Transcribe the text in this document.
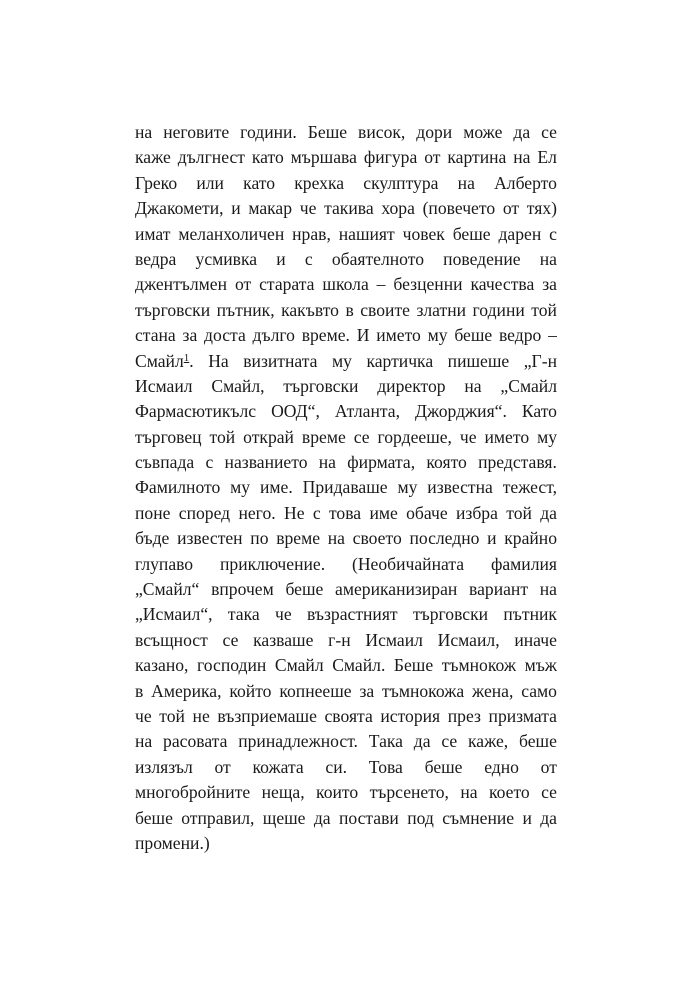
на неговите години. Беше висок, дори може да се
каже дългнест като мършава фигура от картина на Ел
Греко или като крехка скулптура на Алберто
Джакомети, и макар че такива хора (повечето от тях)
имат меланхоличен нрав, нашият човек беше дарен с
ведра усмивка и с обаятелното поведение на
джентълмен от старата школа – безценни качества за
търговски пътник, какъвто в своите златни години той
стана за доста дълго време. И името му беше ведро –
Смайл$^1$. На визитната му картичка пишеше „Г-н
Исмаил Смайл, търговски директор на „Смайл
Фармасютикълс ООД“, Атланта, Джорджия“. Като
търговец той открай време се гордееше, че името му
съвпада с названието на фирмата, която представя.
Фамилното му име. Придаваше му известна тежест,
поне според него. Не с това име обаче избра той да
бъде известен по време на своето последно и крайно
глупаво приключение. (Необичайната фамилия
„Смайл“ впрочем беше американизиран вариант на
„Исмаил“, така че възрастният търговски пътник
всъщност се казваше г-н Исмаил Исмаил, иначе
казано, господин Смайл Смайл. Беше тъмнокож мъж
в Америка, който копнееше за тъмнокожа жена, само
че той не възприемаше своята история през призмата
на расовата принадлежност. Така да се каже, беше
излязъл от кожата си. Това беше едно от
многобройните неща, които търсенето, на което се
беше отправил, щеше да постави под съмнение и да
промени.)
